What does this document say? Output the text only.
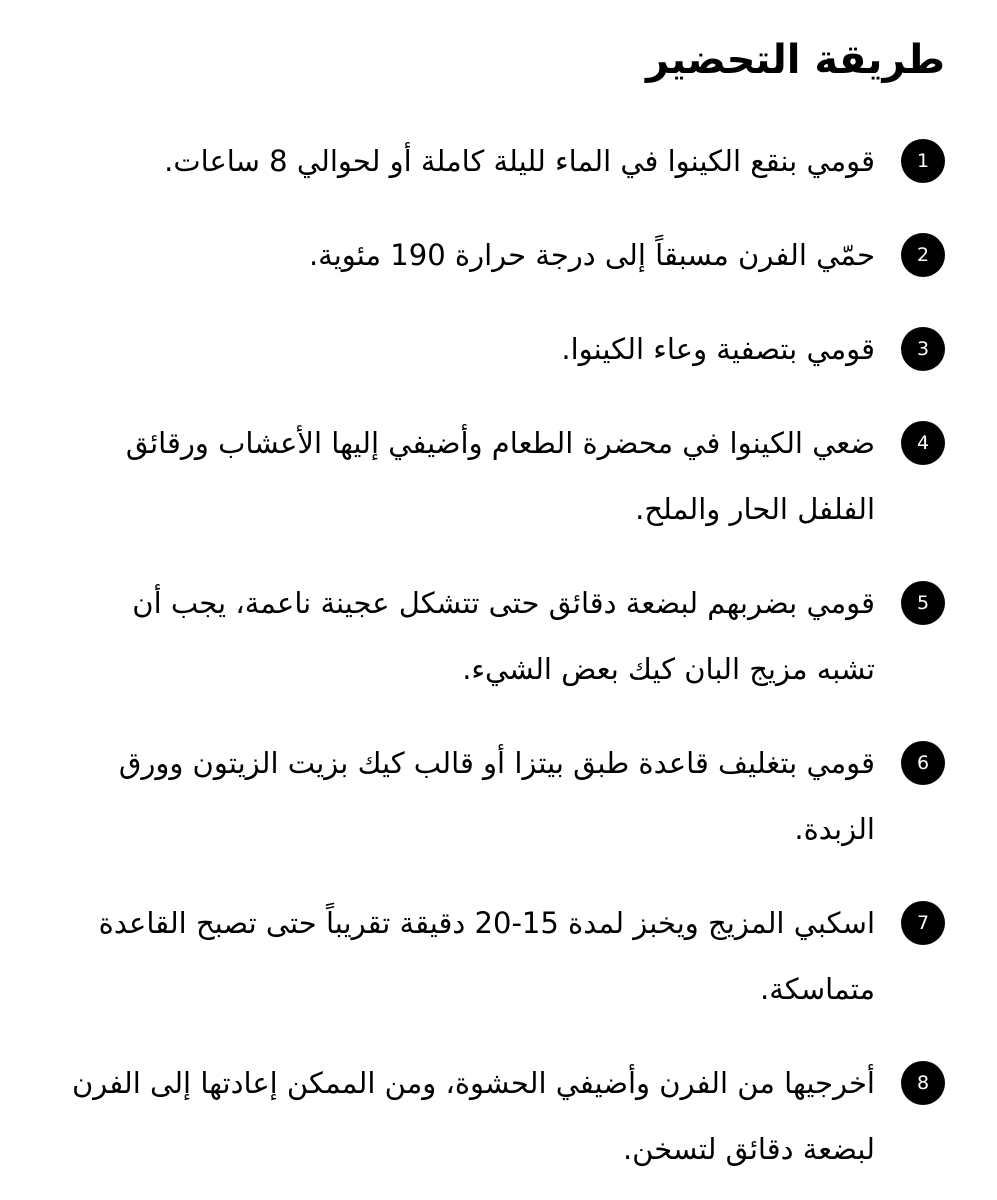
طريقة التحضير
1
قومي بنقع الكينوا في الماء لليلة كاملة أو لحوالي 8 ساعات.
2
حمّي الفرن مسبقاً إلى درجة حرارة 190 مئوية.
3
قومي بتصفية وعاء الكينوا.
4
ضعي الكينوا في محضرة الطعام وأضيفي إليها الأعشاب ورقائق الفلفل الحار والملح.
5
قومي بضربهم لبضعة دقائق حتى تتشكل عجينة ناعمة، يجب أن تشبه مزيج البان كيك بعض الشيء.
6
قومي بتغليف قاعدة طبق بيتزا أو قالب كيك بزيت الزيتون وورق الزبدة.
7
اسكبي المزيج ويخبز لمدة 15-20 دقيقة تقريباً حتى تصبح القاعدة متماسكة.
8
أخرجيها من الفرن وأضيفي الحشوة، ومن الممكن إعادتها إلى الفرن لبضعة دقائق لتسخن.
